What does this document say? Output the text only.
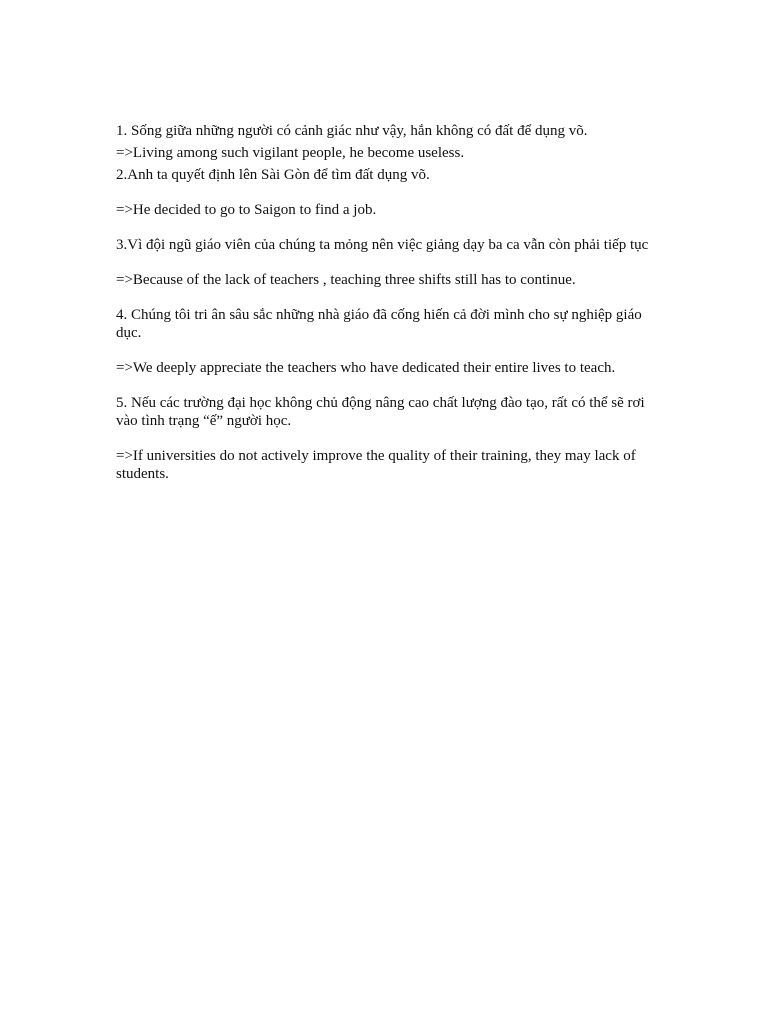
1. Sống giữa những người có cảnh giác như vậy, hắn không có đất để dụng võ.

=>Living among such vigilant people, he become useless.

2.Anh ta quyết định lên Sài Gòn để tìm đất dụng võ.

=>He decided to go to Saigon to find a job.

3.Vì đội ngũ giáo viên của chúng ta mỏng nên việc giảng dạy ba ca vẫn còn phải tiếp tục

=>Because of the lack of teachers , teaching three shifts still has to continue.

4. Chúng tôi tri ân sâu sắc những nhà giáo đã cống hiến cả đời mình cho sự nghiệp giáo dục.

=>We deeply appreciate the teachers who have dedicated their entire lives to teach.

5. Nếu các trường đại học không chủ động nâng cao chất lượng đào tạo, rất có thể sẽ rơi vào tình trạng “ế” người học.

=>If universities do not actively improve the quality of their training, they may lack of students.
